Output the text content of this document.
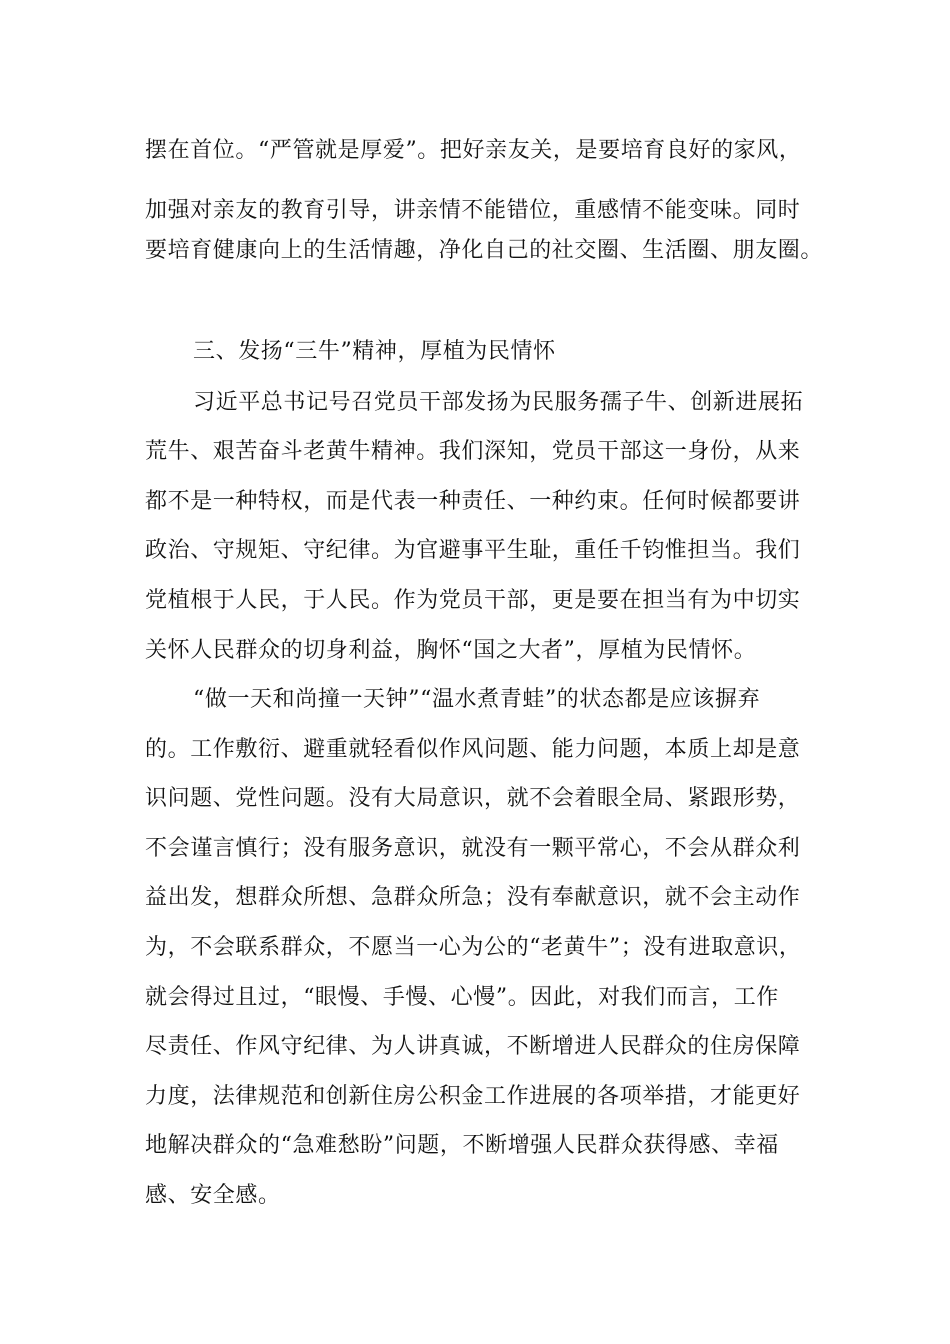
摆在首位。“严管就是厚爱”。把好亲友关，是要培育良好的家风，
加强对亲友的教育引导，讲亲情不能错位，重感情不能变味。同时
要培育健康向上的生活情趣，净化自己的社交圈、生活圈、朋友圈。
三、发扬“三牛”精神，厚植为民情怀
习近平总书记号召党员干部发扬为民服务孺子牛、创新进展拓
荒牛、艰苦奋斗老黄牛精神。我们深知，党员干部这一身份，从来
都不是一种特权，而是代表一种责任、一种约束。任何时候都要讲
政治、守规矩、守纪律。为官避事平生耻，重任千钧惟担当。我们
党植根于人民，于人民。作为党员干部，更是要在担当有为中切实
关怀人民群众的切身利益，胸怀“国之大者”，厚植为民情怀。
“做一天和尚撞一天钟”“温水煮青蛙”的状态都是应该摒弃
的。工作敷衍、避重就轻看似作风问题、能力问题，本质上却是意
识问题、党性问题。没有大局意识，就不会着眼全局、紧跟形势，
不会谨言慎行；没有服务意识，就没有一颗平常心，不会从群众利
益出发，想群众所想、急群众所急；没有奉献意识，就不会主动作
为，不会联系群众，不愿当一心为公的“老黄牛”；没有进取意识，
就会得过且过，“眼慢、手慢、心慢”。因此，对我们而言，工作
尽责任、作风守纪律、为人讲真诚，不断增进人民群众的住房保障
力度，法律规范和创新住房公积金工作进展的各项举措，才能更好
地解决群众的“急难愁盼”问题，不断增强人民群众获得感、幸福
感、安全感。
